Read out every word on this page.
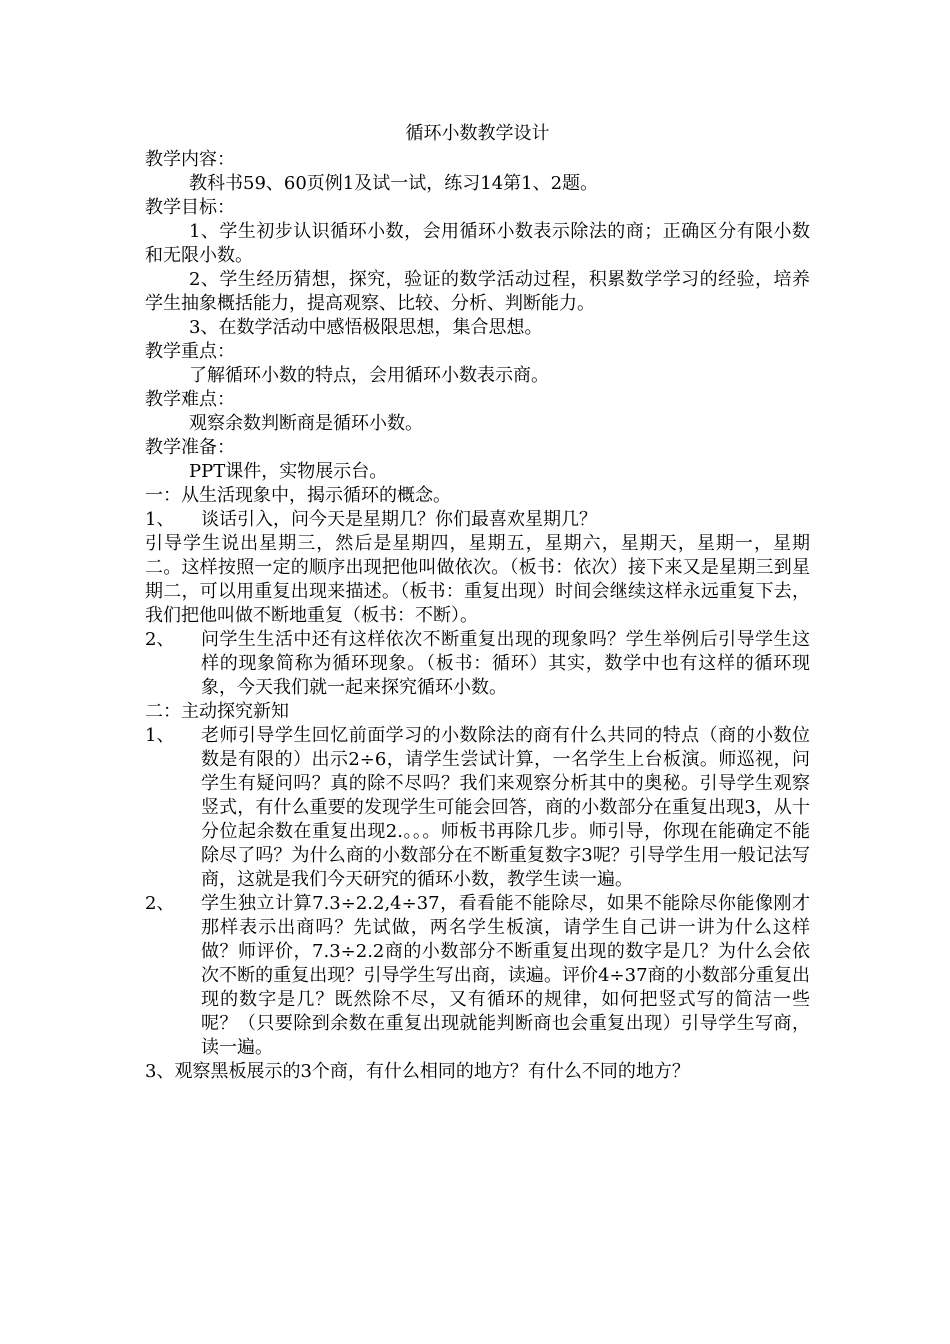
循环小数教学设计

教学内容：

教科书59、60页例1及试一试，练习14第1、2题。

教学目标：

1、学生初步认识循环小数，会用循环小数表示除法的商；正确区分有限小数和无限小数。

2、学生经历猜想，探究，验证的数学活动过程，积累数学学习的经验，培养学生抽象概括能力，提高观察、比较、分析、判断能力。

3、在数学活动中感悟极限思想，集合思想。

教学重点：

了解循环小数的特点，会用循环小数表示商。

教学难点：

观察余数判断商是循环小数。

教学准备：

PPT课件，实物展示台。

一：从生活现象中，揭示循环的概念。

1、 谈话引入，问今天是星期几？你们最喜欢星期几？

引导学生说出星期三，然后是星期四，星期五，星期六，星期天，星期一，星期二。这样按照一定的顺序出现把他叫做依次。（板书：依次）接下来又是星期三到星期二，可以用重复出现来描述。（板书：重复出现）时间会继续这样永远重复下去，我们把他叫做不断地重复（板书：不断）。

2、 问学生生活中还有这样依次不断重复出现的现象吗？学生举例后引导学生这样的现象简称为循环现象。（板书：循环）其实，数学中也有这样的循环现象，今天我们就一起来探究循环小数。

二：主动探究新知

1、 老师引导学生回忆前面学习的小数除法的商有什么共同的特点（商的小数位数是有限的）出示2÷6，请学生尝试计算，一名学生上台板演。师巡视，问学生有疑问吗？真的除不尽吗？我们来观察分析其中的奥秘。引导学生观察竖式，有什么重要的发现学生可能会回答，商的小数部分在重复出现3，从十分位起余数在重复出现2.。。。师板书再除几步。师引导，你现在能确定不能除尽了吗？为什么商的小数部分在不断重复数字3呢？引导学生用一般记法写商，这就是我们今天研究的循环小数，教学生读一遍。
2、 学生独立计算7.3÷2.2,4÷37，看看能不能除尽，如果不能除尽你能像刚才那样表示出商吗？先试做，两名学生板演，请学生自己讲一讲为什么这样做？师评价，7.3÷2.2商的小数部分不断重复出现的数字是几？为什么会依次不断的重复出现？引导学生写出商，读遍。评价4÷37商的小数部分重复出现的数字是几？既然除不尽，又有循环的规律，如何把竖式写的简洁一些呢？（只要除到余数在重复出现就能判断商也会重复出现）引导学生写商，读一遍。

3、观察黑板展示的3个商，有什么相同的地方？有什么不同的地方？
